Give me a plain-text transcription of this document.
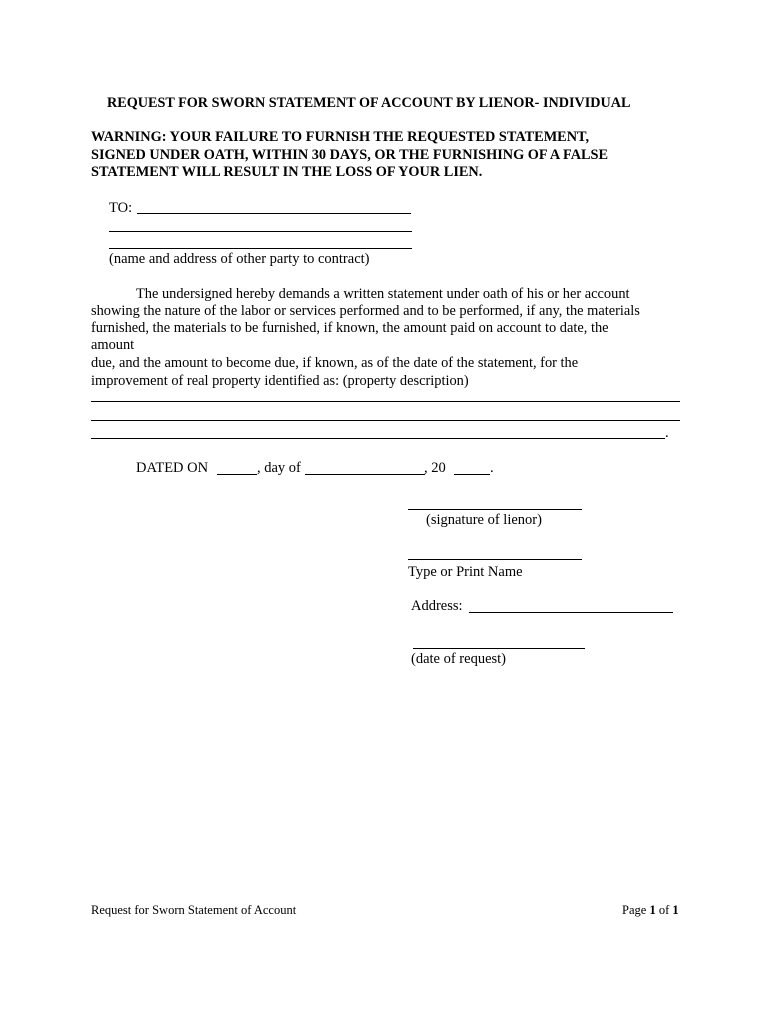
REQUEST FOR SWORN STATEMENT OF ACCOUNT BY LIENOR- INDIVIDUAL
WARNING: YOUR FAILURE TO FURNISH THE REQUESTED STATEMENT,
SIGNED UNDER OATH, WITHIN 30 DAYS, OR THE FURNISHING OF A FALSE
STATEMENT WILL RESULT IN THE LOSS OF YOUR LIEN.
TO:
(name and address of other party to contract)
The undersigned hereby demands a written statement under oath of his or her account
showing the nature of the labor or services performed and to be performed, if any, the materials
furnished, the materials to be furnished, if known, the amount paid on account to date, the
amount
due, and the amount to become due, if known, as of the date of the statement, for the
improvement of real property identified as: (property description)
.
DATED ON	, day of	, 20	.
(signature of lienor)
Type or Print Name
Address:
(date of request)
Request for Sworn Statement of Account	Page 1 of 1
